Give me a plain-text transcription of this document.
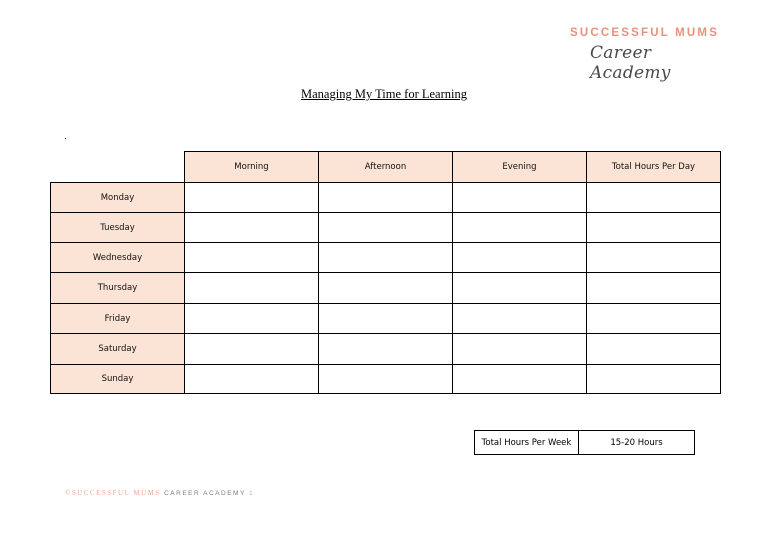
SUCCESSFUL MUMS
Career Academy
Managing My Time for Learning
.
	Morning	Afternoon	Evening	Total Hours Per Day
Monday				
Tuesday				
Wednesday				
Thursday				
Friday				
Saturday				
Sunday				
Total Hours Per Week	15-20 Hours
©SUCCESSFUL MUMS CAREER ACADEMY 1
